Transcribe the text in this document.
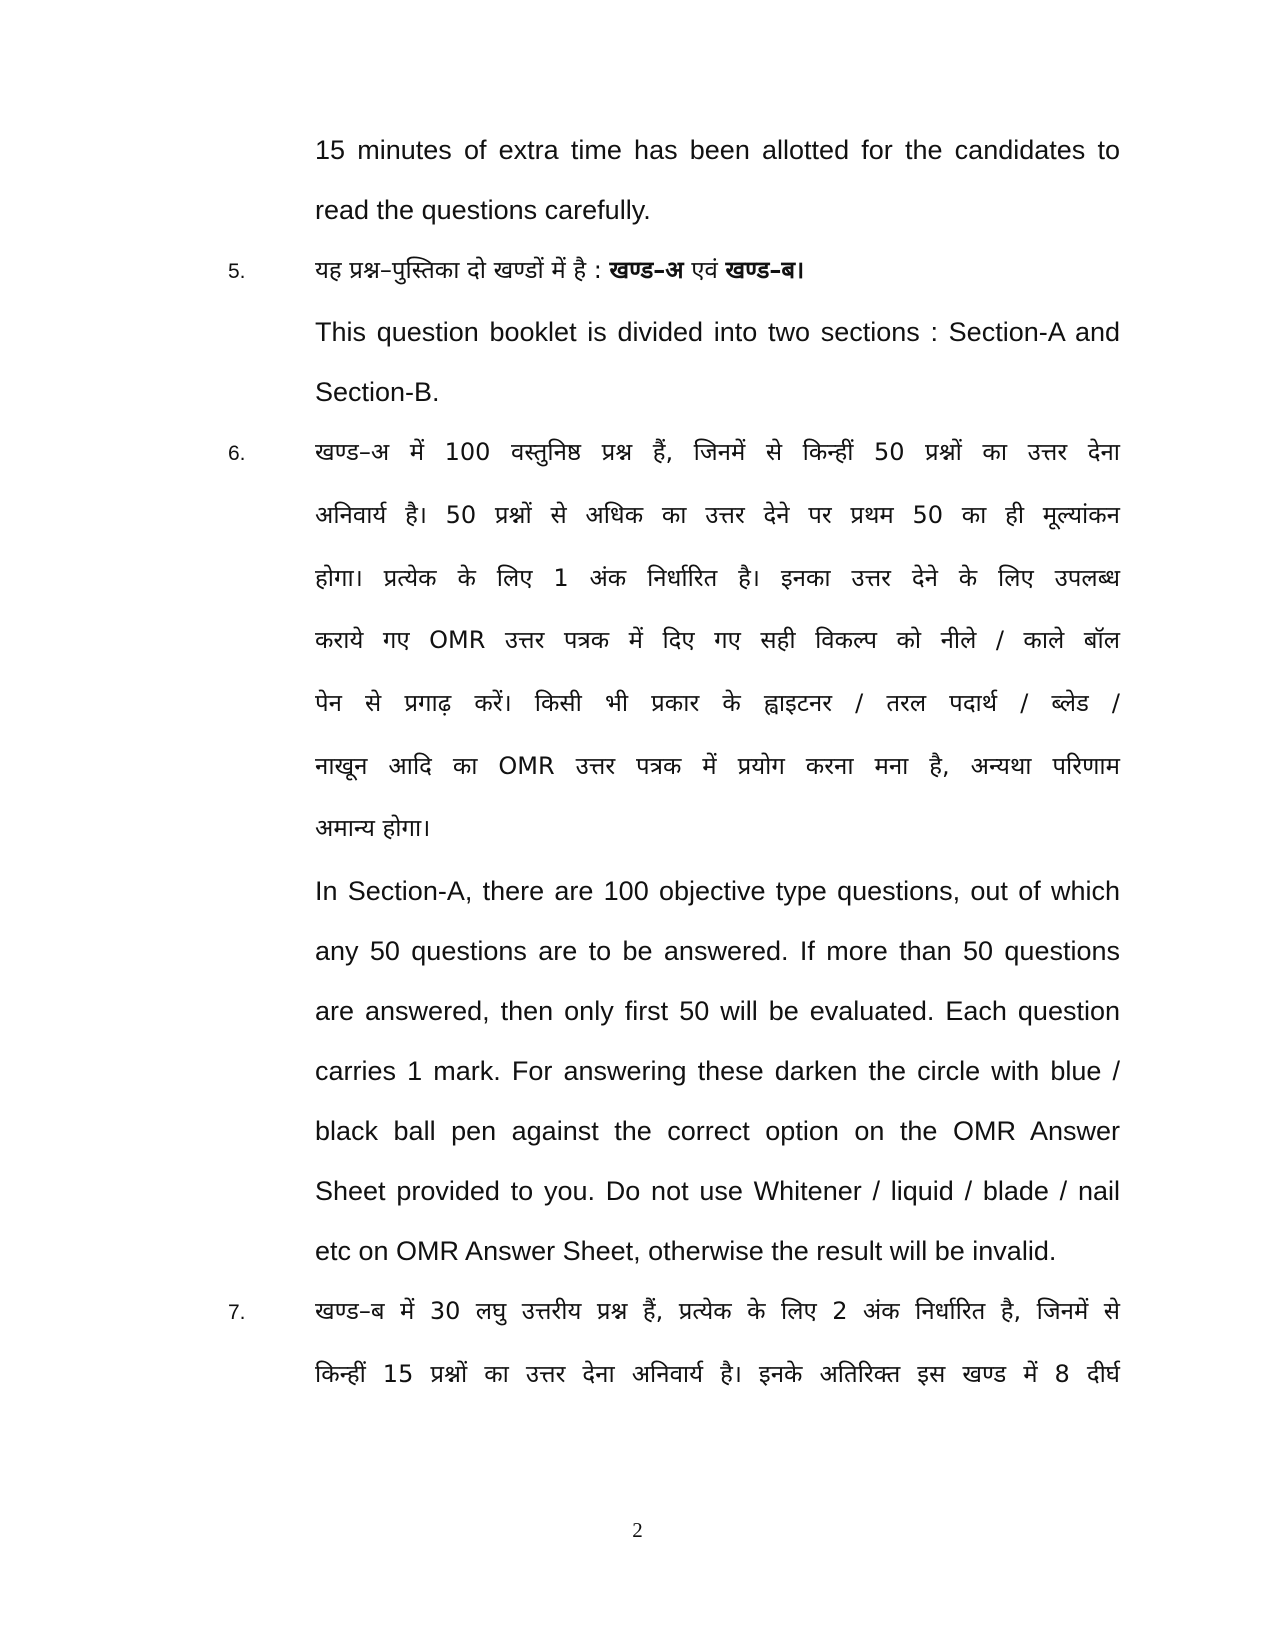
15 minutes of extra time has been allotted for the candidates to
read the questions carefully.
5.	यह प्रश्न–पुस्तिका दो खण्डों में है : खण्ड–अ एवं खण्ड–ब।
This question booklet is divided into two sections : Section-A and
Section-B.
6.	खण्ड–अ में 100 वस्तुनिष्ठ प्रश्न हैं, जिनमें से किन्हीं 50 प्रश्नों का उत्तर देना
अनिवार्य है। 50 प्रश्नों से अधिक का उत्तर देने पर प्रथम 50 का ही मूल्यांकन
होगा। प्रत्येक के लिए 1 अंक निर्धारित है। इनका उत्तर देने के लिए उपलब्ध
कराये गए OMR उत्तर पत्रक में दिए गए सही विकल्प को नीले / काले बॉल
पेन से प्रगाढ़ करें। किसी भी प्रकार के ह्वाइटनर / तरल पदार्थ / ब्लेड /
नाखून आदि का OMR उत्तर पत्रक में प्रयोग करना मना है, अन्यथा परिणाम
अमान्य होगा।
In Section-A, there are 100 objective type questions, out of which
any 50 questions are to be answered. If more than 50 questions
are answered, then only first 50 will be evaluated. Each question
carries 1 mark. For answering these darken the circle with blue /
black ball pen against the correct option on the OMR Answer
Sheet provided to you. Do not use Whitener / liquid / blade / nail
etc on OMR Answer Sheet, otherwise the result will be invalid.
7.	खण्ड–ब में 30 लघु उत्तरीय प्रश्न हैं, प्रत्येक के लिए 2 अंक निर्धारित है, जिनमें से
किन्हीं 15 प्रश्नों का उत्तर देना अनिवार्य है। इनके अतिरिक्त इस खण्ड में 8 दीर्घ
2
